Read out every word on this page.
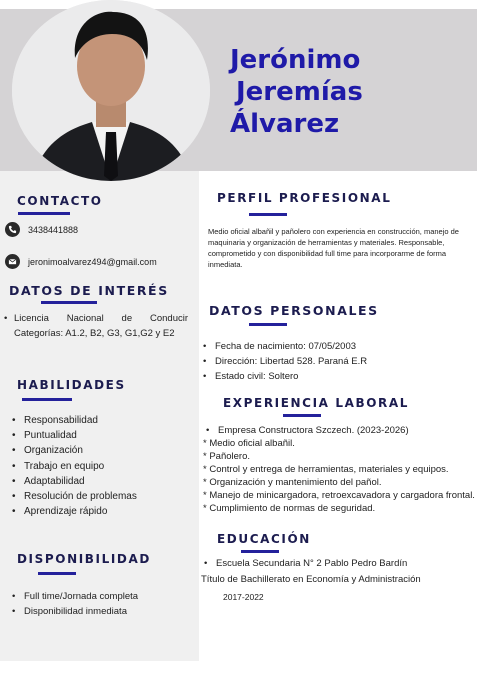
Jerónimo
Jeremías
Álvarez
CONTACTO
3438441888
jeronimoalvarez494@gmail.com
DATOS DE INTERÉS
• Licencia Nacional de Conducir Categorías: A1.2, B2, G3, G1,G2 y E2
HABILIDADES
• Responsabilidad
• Puntualidad
• Organización
• Trabajo en equipo
• Adaptabilidad
• Resolución de problemas
• Aprendizaje rápido
DISPONIBILIDAD
• Full time/Jornada completa
• Disponibilidad inmediata
PERFIL PROFESIONAL
Medio oficial albañil y pañolero con experiencia en construcción, manejo de maquinaria y organización de herramientas y materiales. Responsable, comprometido y con disponibilidad full time para incorporarme de forma inmediata.
DATOS PERSONALES
• Fecha de nacimiento: 07/05/2003
• Dirección: Libertad 528. Paraná E.R
• Estado civil: Soltero
EXPERIENCIA LABORAL
• Empresa Constructora Szczech. (2023-2026)
* Medio oficial albañil.
* Pañolero.
* Control y entrega de herramientas, materiales y equipos.
* Organización y mantenimiento del pañol.
* Manejo de minicargadora, retroexcavadora y cargadora frontal.
* Cumplimiento de normas de seguridad.
EDUCACIÓN
• Escuela Secundaria N° 2 Pablo Pedro Bardín
Título de Bachillerato en Economía y Administración
2017-2022
